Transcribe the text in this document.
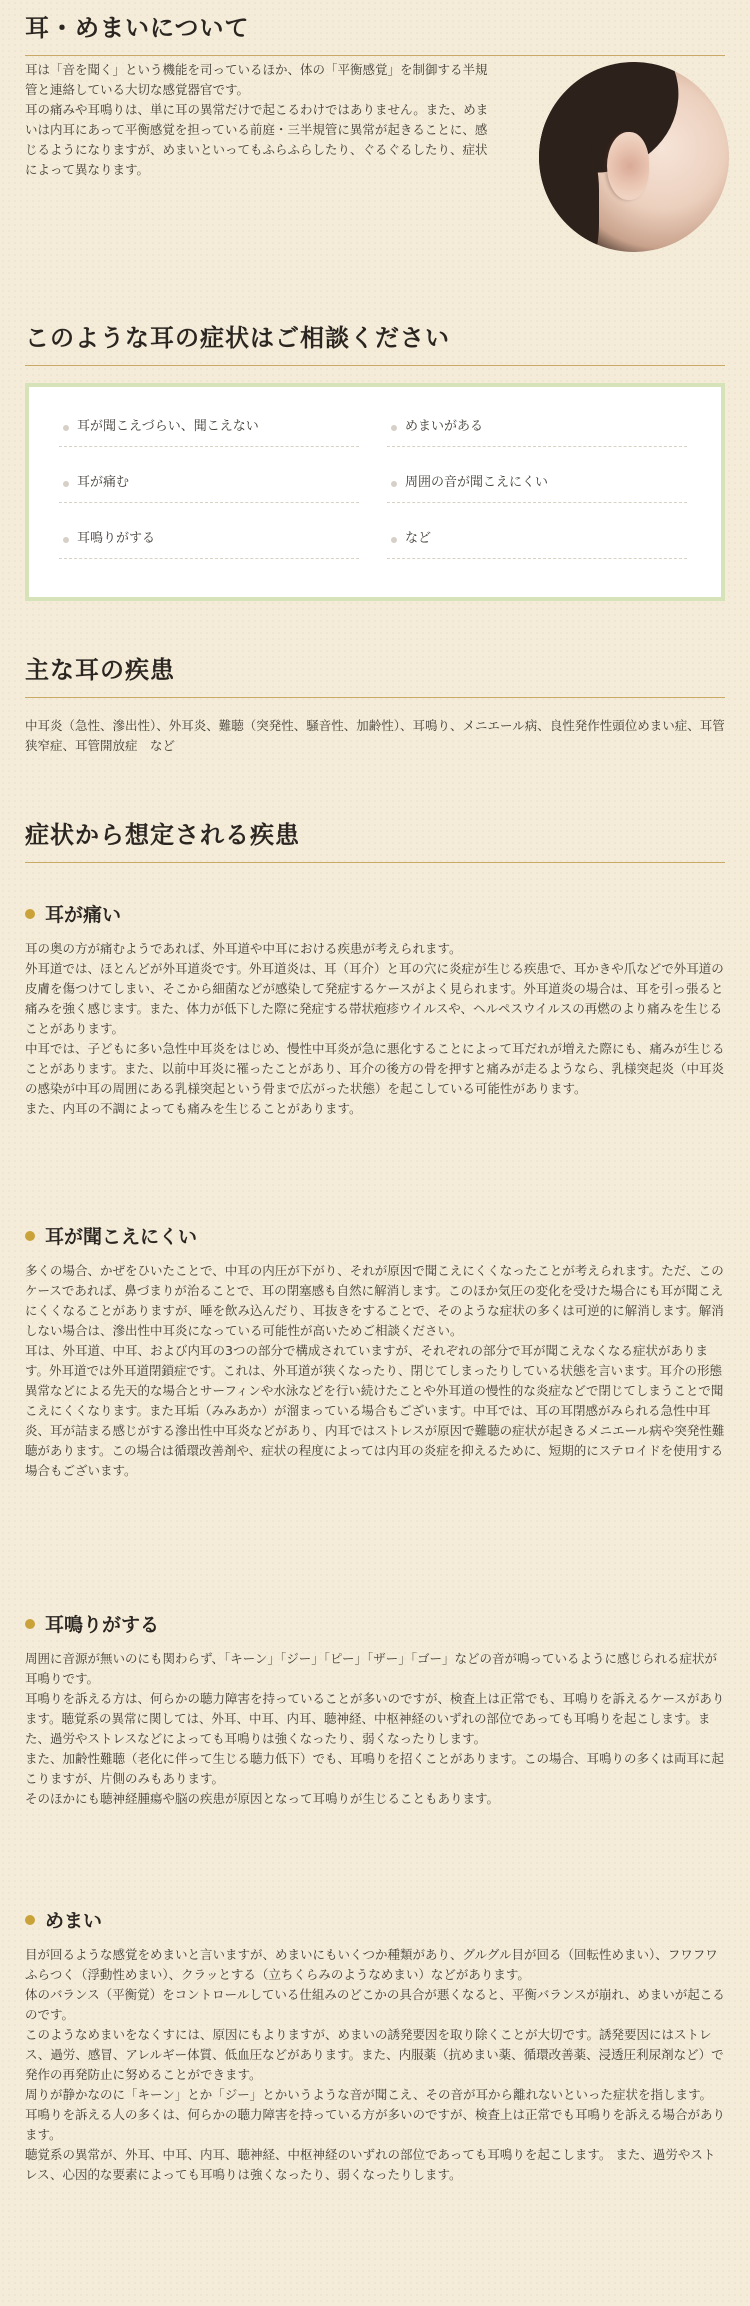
耳・めまいについて

耳は「音を聞く」という機能を司っているほか、体の「平衡感覚」を制御する半規管と連絡している大切な感覚器官です。
耳の痛みや耳鳴りは、単に耳の異常だけで起こるわけではありません。また、めまいは内耳にあって平衡感覚を担っている前庭・三半規管に異常が起きることに、感じるようになりますが、めまいといってもふらふらしたり、ぐるぐるしたり、症状によって異なります。

このような耳の症状はご相談ください
耳が聞こえづらい、聞こえない	めまいがある
耳が痛む	周囲の音が聞こえにくい
耳鳴りがする	など
主な耳の疾患

中耳炎（急性、滲出性）、外耳炎、難聴（突発性、騒音性、加齢性）、耳鳴り、メニエール病、良性発作性頭位めまい症、耳管狭窄症、耳管開放症　など

症状から想定される疾患
耳が痛い

耳の奥の方が痛むようであれば、外耳道や中耳における疾患が考えられます。
外耳道では、ほとんどが外耳道炎です。外耳道炎は、耳（耳介）と耳の穴に炎症が生じる疾患で、耳かきや爪などで外耳道の皮膚を傷つけてしまい、そこから細菌などが感染して発症するケースがよく見られます。外耳道炎の場合は、耳を引っ張ると痛みを強く感じます。また、体力が低下した際に発症する帯状疱疹ウイルスや、ヘルペスウイルスの再燃のより痛みを生じることがあります。
中耳では、子どもに多い急性中耳炎をはじめ、慢性中耳炎が急に悪化することによって耳だれが増えた際にも、痛みが生じることがあります。また、以前中耳炎に罹ったことがあり、耳介の後方の骨を押すと痛みが走るようなら、乳様突起炎（中耳炎の感染が中耳の周囲にある乳様突起という骨まで広がった状態）を起こしている可能性があります。
また、内耳の不調によっても痛みを生じることがあります。

耳が聞こえにくい

多くの場合、かぜをひいたことで、中耳の内圧が下がり、それが原因で聞こえにくくなったことが考えられます。ただ、このケースであれば、鼻づまりが治ることで、耳の閉塞感も自然に解消します。このほか気圧の変化を受けた場合にも耳が聞こえにくくなることがありますが、唾を飲み込んだり、耳抜きをすることで、そのような症状の多くは可逆的に解消します。解消しない場合は、滲出性中耳炎になっている可能性が高いためご相談ください。
耳は、外耳道、中耳、および内耳の3つの部分で構成されていますが、それぞれの部分で耳が聞こえなくなる症状があります。外耳道では外耳道閉鎖症です。これは、外耳道が狭くなったり、閉じてしまったりしている状態を言います。耳介の形態異常などによる先天的な場合とサーフィンや水泳などを行い続けたことや外耳道の慢性的な炎症などで閉じてしまうことで聞こえにくくなります。また耳垢（みみあか）が溜まっている場合もございます。中耳では、耳の耳閉感がみられる急性中耳炎、耳が詰まる感じがする滲出性中耳炎などがあり、内耳ではストレスが原因で難聴の症状が起きるメニエール病や突発性難聴があります。この場合は循環改善剤や、症状の程度によっては内耳の炎症を抑えるために、短期的にステロイドを使用する場合もございます。

耳鳴りがする

周囲に音源が無いのにも関わらず、「キーン」「ジー」「ピー」「ザー」「ゴー」などの音が鳴っているように感じられる症状が耳鳴りです。
耳鳴りを訴える方は、何らかの聴力障害を持っていることが多いのですが、検査上は正常でも、耳鳴りを訴えるケースがあります。聴覚系の異常に関しては、外耳、中耳、内耳、聴神経、中枢神経のいずれの部位であっても耳鳴りを起こします。また、過労やストレスなどによっても耳鳴りは強くなったり、弱くなったりします。
また、加齢性難聴（老化に伴って生じる聴力低下）でも、耳鳴りを招くことがあります。この場合、耳鳴りの多くは両耳に起こりますが、片側のみもあります。
そのほかにも聴神経腫瘍や脳の疾患が原因となって耳鳴りが生じることもあります。

めまい

目が回るような感覚をめまいと言いますが、めまいにもいくつか種類があり、グルグル目が回る（回転性めまい）、フワフワふらつく（浮動性めまい）、クラッとする（立ちくらみのようなめまい）などがあります。
体のバランス（平衡覚）をコントロールしている仕組みのどこかの具合が悪くなると、平衡バランスが崩れ、めまいが起こるのです。
このようなめまいをなくすには、原因にもよりますが、めまいの誘発要因を取り除くことが大切です。誘発要因にはストレス、過労、感冒、アレルギー体質、低血圧などがあります。また、内服薬（抗めまい薬、循環改善薬、浸透圧利尿剤など）で発作の再発防止に努めることができます。
周りが静かなのに「キーン」とか「ジー」とかいうような音が聞こえ、その音が耳から離れないといった症状を指します。
耳鳴りを訴える人の多くは、何らかの聴力障害を持っている方が多いのですが、検査上は正常でも耳鳴りを訴える場合があります。
聴覚系の異常が、外耳、中耳、内耳、聴神経、中枢神経のいずれの部位であっても耳鳴りを起こします。 また、過労やストレス、心因的な要素によっても耳鳴りは強くなったり、弱くなったりします。
